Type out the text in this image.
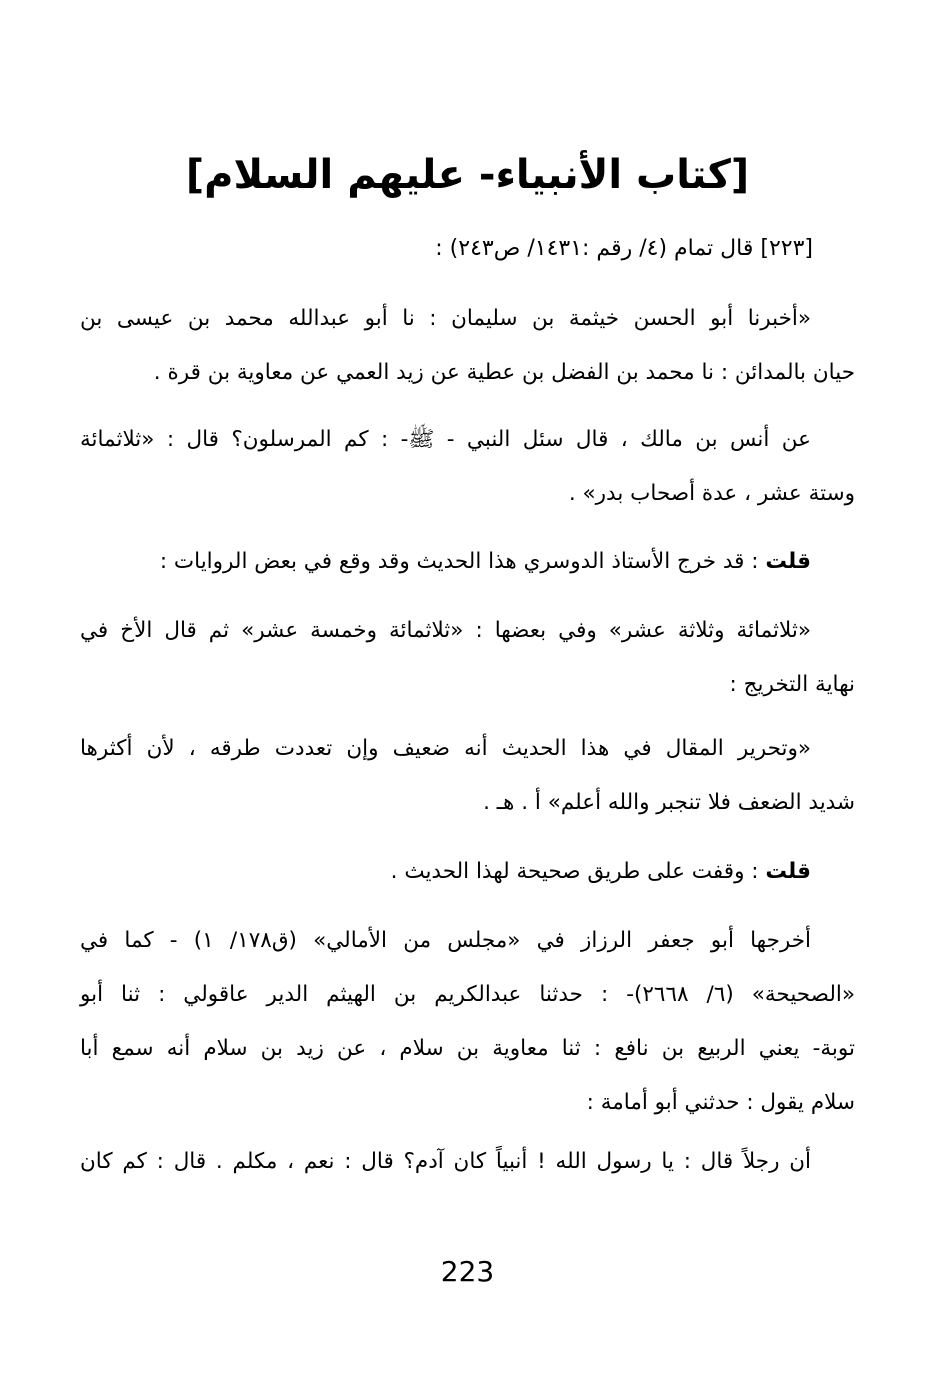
[كتاب الأنبياء- عليهم السلام]
[٢٢٣] قال تمام (٤/ رقم :١٤٣١/ ص٢٤٣) :
«أخبرنا أبو الحسن خيثمة بن سليمان : نا أبو عبدالله محمد بن عيسى بن
حيان بالمدائن : نا محمد بن الفضل بن عطية عن زيد العمي عن معاوية بن قرة .
عن أنس بن مالك ، قال سئل النبي - ﷺ- : كم المرسلون؟ قال : «ثلاثمائة
وستة عشر ، عدة أصحاب بدر» .
قلت : قد خرج الأستاذ الدوسري هذا الحديث وقد وقع في بعض الروايات :
«ثلاثمائة وثلاثة عشر» وفي بعضها : «ثلاثمائة وخمسة عشر» ثم قال الأخ في
نهاية التخريج :
«وتحرير المقال في هذا الحديث أنه ضعيف وإن تعددت طرقه ، لأن أكثرها
شديد الضعف فلا تنجبر والله أعلم» أ . هـ .
قلت : وقفت على طريق صحيحة لهذا الحديث .
أخرجها أبو جعفر الرزاز في «مجلس من الأمالي» (ق١٧٨/ ١) - كما في
«الصحيحة» (٦/ ٢٦٦٨)- : حدثنا عبدالكريم بن الهيثم الدير عاقولي : ثنا أبو
توبة- يعني الربيع بن نافع : ثنا معاوية بن سلام ، عن زيد بن سلام أنه سمع أبا
سلام يقول : حدثني أبو أمامة :
أن رجلاً قال : يا رسول الله ! أنبياً كان آدم؟ قال : نعم ، مكلم . قال : كم كان
223
